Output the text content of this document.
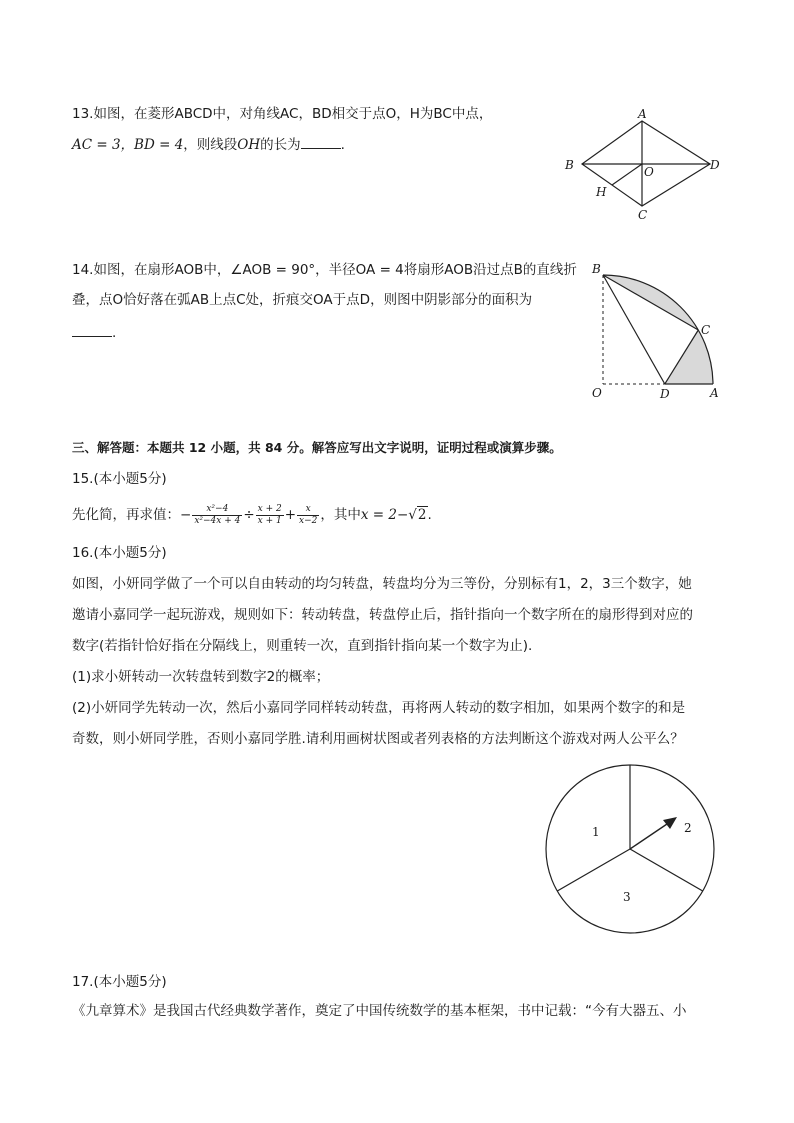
13.如图，在菱形ABCD中，对角线AC，BD相交于点O，H为BC中点，
AC = 3，BD = 4，则线段OH的长为	.
A
B
C
D
O
H
14.如图，在扇形AOB中，∠AOB = 90°，半径OA = 4将扇形AOB沿过点B的直线折
叠，点O恰好落在弧AB上点C处，折痕交OA于点D，则图中阴影部分的面积为
.
B
C
O	D	A
三、解答题：本题共 12 小题，共 84 分。解答应写出文字说明，证明过程或演算步骤。
15.(本小题5分)
先化简，再求值：− $\frac{\text{x²−4}}{\text{x²−4x + 4}} \div \frac{x + 2}{x + 1} + \frac{x}{x-2}$ ，其中x = 2−√2.
16.(本小题5分)
如图，小妍同学做了一个可以自由转动的均匀转盘，转盘均分为三等份，分别标有1，2，3三个数字，她
邀请小嘉同学一起玩游戏，规则如下：转动转盘，转盘停止后，指针指向一个数字所在的扇形得到对应的
数字(若指针恰好指在分隔线上，则重转一次，直到指针指向某一个数字为止).
(1)求小妍转动一次转盘转到数字2的概率；
(2)小妍同学先转动一次，然后小嘉同学同样转动转盘，再将两人转动的数字相加，如果两个数字的和是
奇数，则小妍同学胜，否则小嘉同学胜.请利用画树状图或者列表格的方法判断这个游戏对两人公平么？
1	2
3
17.(本小题5分)
《九章算术》是我国古代经典数学著作，奠定了中国传统数学的基本框架，书中记载：“今有大器五、小
